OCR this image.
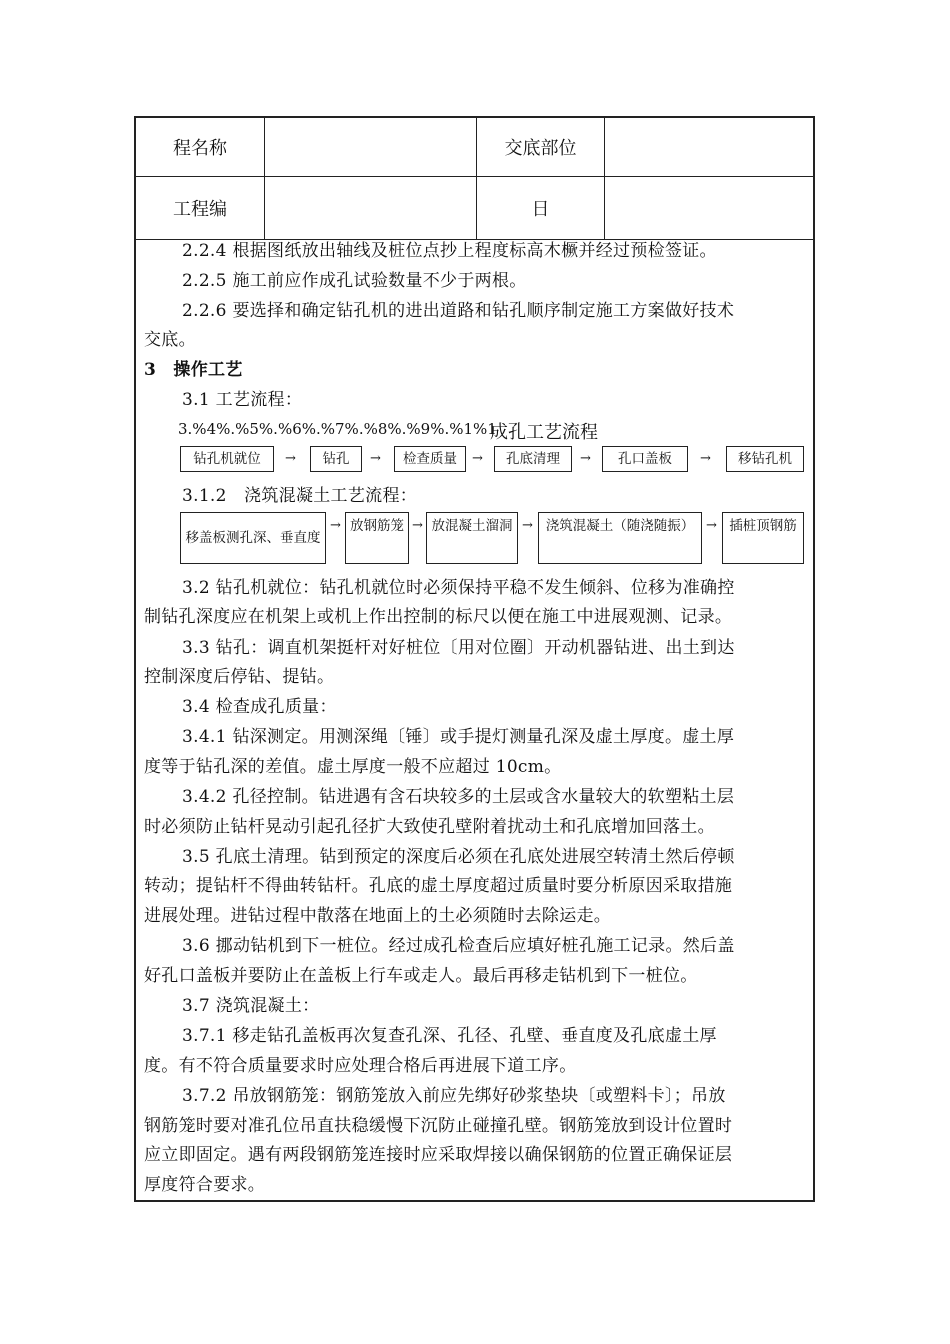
程名称	交底部位
工程编	日
2.2.4 根据图纸放出轴线及桩位点抄上程度标高木橛并经过预检签证。
2.2.5 施工前应作成孔试验数量不少于两根。
2.2.6 要选择和确定钻孔机的进出道路和钻孔顺序制定施工方案做好技术
交底。
3　操作工艺
3.1 工艺流程：
3.%4%.%5%.%6%.%7%.%8%.%9%.%1%1
成孔工艺流程
钻孔机就位	→	钻孔	→	检查质量	→	孔底清理	→	孔口盖板	→	移钻孔机
3.1.2　浇筑混凝土工艺流程：
移盖板测孔深、垂直度
→ 放钢筋笼 → 放混凝土溜洞 → 浇筑混凝土（随浇随振） → 插桩顶钢筋
3.2 钻孔机就位：钻孔机就位时必须保持平稳不发生倾斜、位移为准确控
制钻孔深度应在机架上或机上作出控制的标尺以便在施工中进展观测、记录。
3.3 钻孔：调直机架挺杆对好桩位〔用对位圈〕开动机器钻进、出土到达
控制深度后停钻、提钻。
3.4 检查成孔质量：
3.4.1 钻深测定。用测深绳〔锤〕或手提灯测量孔深及虚土厚度。虚土厚
度等于钻孔深的差值。虚土厚度一般不应超过 10cm。
3.4.2 孔径控制。钻进遇有含石块较多的土层或含水量较大的软塑粘土层
时必须防止钻杆晃动引起孔径扩大致使孔壁附着扰动土和孔底增加回落土。
3.5 孔底土清理。钻到预定的深度后必须在孔底处进展空转清土然后停顿
转动；提钻杆不得曲转钻杆。孔底的虚土厚度超过质量时要分析原因采取措施
进展处理。进钻过程中散落在地面上的土必须随时去除运走。
3.6 挪动钻机到下一桩位。经过成孔检查后应填好桩孔施工记录。然后盖
好孔口盖板并要防止在盖板上行车或走人。最后再移走钻机到下一桩位。
3.7 浇筑混凝土：
3.7.1 移走钻孔盖板再次复查孔深、孔径、孔壁、垂直度及孔底虚土厚
度。有不符合质量要求时应处理合格后再进展下道工序。
3.7.2 吊放钢筋笼：钢筋笼放入前应先绑好砂浆垫块〔或塑料卡〕；吊放
钢筋笼时要对准孔位吊直扶稳缓慢下沉防止碰撞孔壁。钢筋笼放到设计位置时
应立即固定。遇有两段钢筋笼连接时应采取焊接以确保钢筋的位置正确保证层
厚度符合要求。
